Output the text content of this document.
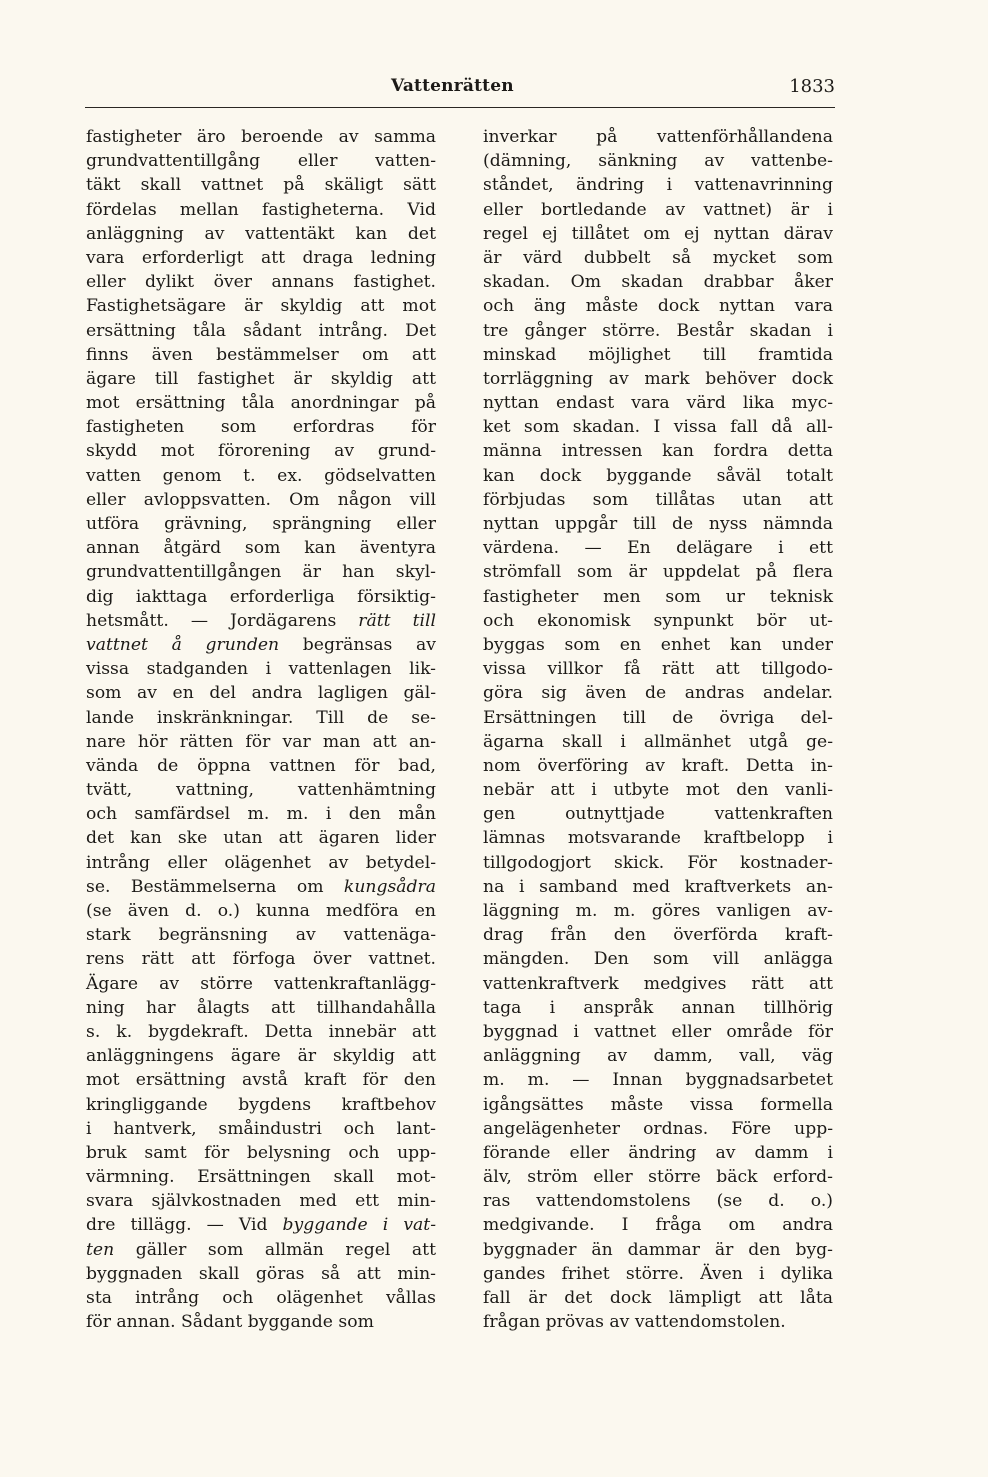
Vattenrätten	1833
fastigheter äro beroende av samma
grundvattentillgång eller vatten-
täkt skall vattnet på skäligt sätt
fördelas mellan fastigheterna. Vid
anläggning av vattentäkt kan det
vara erforderligt att draga ledning
eller dylikt över annans fastighet.
Fastighetsägare är skyldig att mot
ersättning tåla sådant intrång. Det
finns även bestämmelser om att
ägare till fastighet är skyldig att
mot ersättning tåla anordningar på
fastigheten som erfordras för
skydd mot förorening av grund-
vatten genom t. ex. gödselvatten
eller avloppsvatten. Om någon vill
utföra grävning, sprängning eller
annan åtgärd som kan äventyra
grundvattentillgången är han skyl-
dig iakttaga erforderliga försiktig-
hetsmått. — Jordägarens rätt till
vattnet å grunden begränsas av
vissa stadganden i vattenlagen lik-
som av en del andra lagligen gäl-
lande inskränkningar. Till de se-
nare hör rätten för var man att an-
vända de öppna vattnen för bad,
tvätt, vattning, vattenhämtning
och samfärdsel m. m. i den mån
det kan ske utan att ägaren lider
intrång eller olägenhet av betydel-
se. Bestämmelserna om kungsådra
(se även d. o.) kunna medföra en
stark begränsning av vattenäga-
rens rätt att förfoga över vattnet.
Ägare av större vattenkraftanlägg-
ning har ålagts att tillhandahålla
s. k. bygdekraft. Detta innebär att
anläggningens ägare är skyldig att
mot ersättning avstå kraft för den
kringliggande bygdens kraftbehov
i hantverk, småindustri och lant-
bruk samt för belysning och upp-
värmning. Ersättningen skall mot-
svara självkostnaden med ett min-
dre tillägg. — Vid byggande i vat-
ten gäller som allmän regel att
byggnaden skall göras så att min-
sta intrång och olägenhet vållas
för annan. Sådant byggande som
inverkar på vattenförhållandena
(dämning, sänkning av vattenbe-
ståndet, ändring i vattenavrinning
eller bortledande av vattnet) är i
regel ej tillåtet om ej nyttan därav
är värd dubbelt så mycket som
skadan. Om skadan drabbar åker
och äng måste dock nyttan vara
tre gånger större. Består skadan i
minskad möjlighet till framtida
torrläggning av mark behöver dock
nyttan endast vara värd lika myc-
ket som skadan. I vissa fall då all-
männa intressen kan fordra detta
kan dock byggande såväl totalt
förbjudas som tillåtas utan att
nyttan uppgår till de nyss nämnda
värdena. — En delägare i ett
strömfall som är uppdelat på flera
fastigheter men som ur teknisk
och ekonomisk synpunkt bör ut-
byggas som en enhet kan under
vissa villkor få rätt att tillgodo-
göra sig även de andras andelar.
Ersättningen till de övriga del-
ägarna skall i allmänhet utgå ge-
nom överföring av kraft. Detta in-
nebär att i utbyte mot den vanli-
gen outnyttjade vattenkraften
lämnas motsvarande kraftbelopp i
tillgodogjort skick. För kostnader-
na i samband med kraftverkets an-
läggning m. m. göres vanligen av-
drag från den överförda kraft-
mängden. Den som vill anlägga
vattenkraftverk medgives rätt att
taga i anspråk annan tillhörig
byggnad i vattnet eller område för
anläggning av damm, vall, väg
m. m. — Innan byggnadsarbetet
igångsättes måste vissa formella
angelägenheter ordnas. Före upp-
förande eller ändring av damm i
älv, ström eller större bäck erford-
ras vattendomstolens (se d. o.)
medgivande. I fråga om andra
byggnader än dammar är den byg-
gandes frihet större. Även i dylika
fall är det dock lämpligt att låta
frågan prövas av vattendomstolen.
